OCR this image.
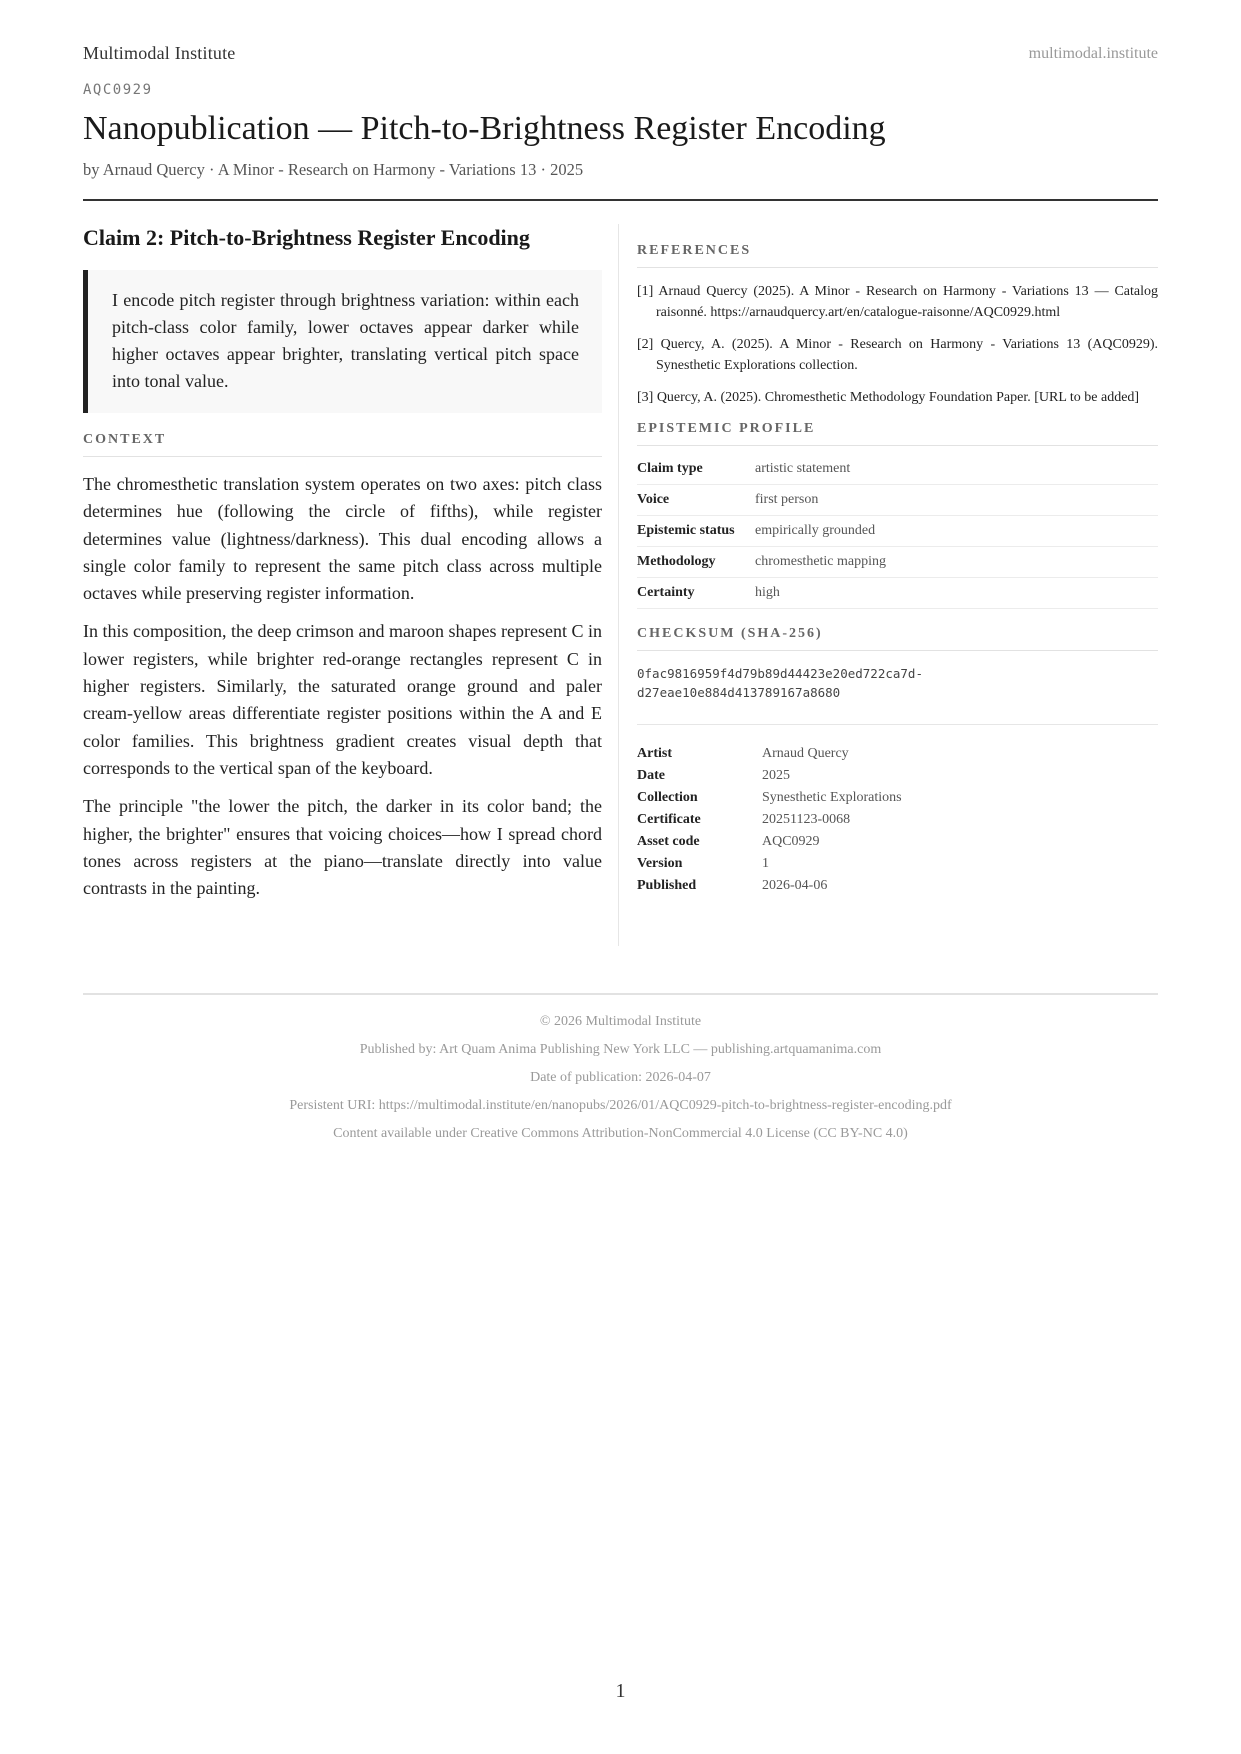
Multimodal Institute	multimodal.institute
AQC0929
Nanopublication — Pitch-to-Brightness Register Encoding
by Arnaud Quercy · A Minor - Research on Harmony - Variations 13 · 2025
Claim 2: Pitch-to-Brightness Register Encoding
I encode pitch register through brightness variation: within each pitch-class color family, lower octaves appear darker while higher octaves appear brighter, translating vertical pitch space into tonal value.
CONTEXT

The chromesthetic translation system operates on two axes: pitch class determines hue (following the circle of fifths), while register determines value (lightness/darkness). This dual encoding allows a single color family to represent the same pitch class across multiple octaves while preserving register information.

In this composition, the deep crimson and maroon shapes represent C in lower registers, while brighter red-orange rectangles represent C in higher registers. Similarly, the saturated orange ground and paler cream-yellow areas differentiate register positions within the A and E color families. This brightness gradient creates visual depth that corresponds to the vertical span of the keyboard.

The principle "the lower the pitch, the darker in its color band; the higher, the brighter" ensures that voicing choices—how I spread chord tones across registers at the piano—translate directly into value contrasts in the painting.

REFERENCES
[1] Arnaud Quercy (2025). A Minor - Research on Harmony - Variations 13 — Catalog raisonné. https://arnaudquercy.art/en/catalogue-raisonne/AQC0929.html
[2] Quercy, A. (2025). A Minor - Research on Harmony - Variations 13 (AQC0929). Synesthetic Explorations collection.
[3] Quercy, A. (2025). Chromesthetic Methodology Foundation Paper. [URL to be added]
EPISTEMIC PROFILE
Claim type	artistic statement
Voice	first person
Epistemic status	empirically grounded
Methodology	chromesthetic mapping
Certainty	high
CHECKSUM (SHA-256)
0fac9816959f4d79b89d44423e20ed722ca7d-
d27eae10e884d413789167a8680
Artist	Arnaud Quercy
Date	2025
Collection	Synesthetic Explorations
Certificate	20251123-0068
Asset code	AQC0929
Version	1
Published	2026-04-06
© 2026 Multimodal Institute
Published by: Art Quam Anima Publishing New York LLC — publishing.artquamanima.com
Date of publication: 2026-04-07
Persistent URI: https://multimodal.institute/en/nanopubs/2026/01/AQC0929-pitch-to-brightness-register-encoding.pdf
Content available under Creative Commons Attribution-NonCommercial 4.0 License (CC BY-NC 4.0)
1
